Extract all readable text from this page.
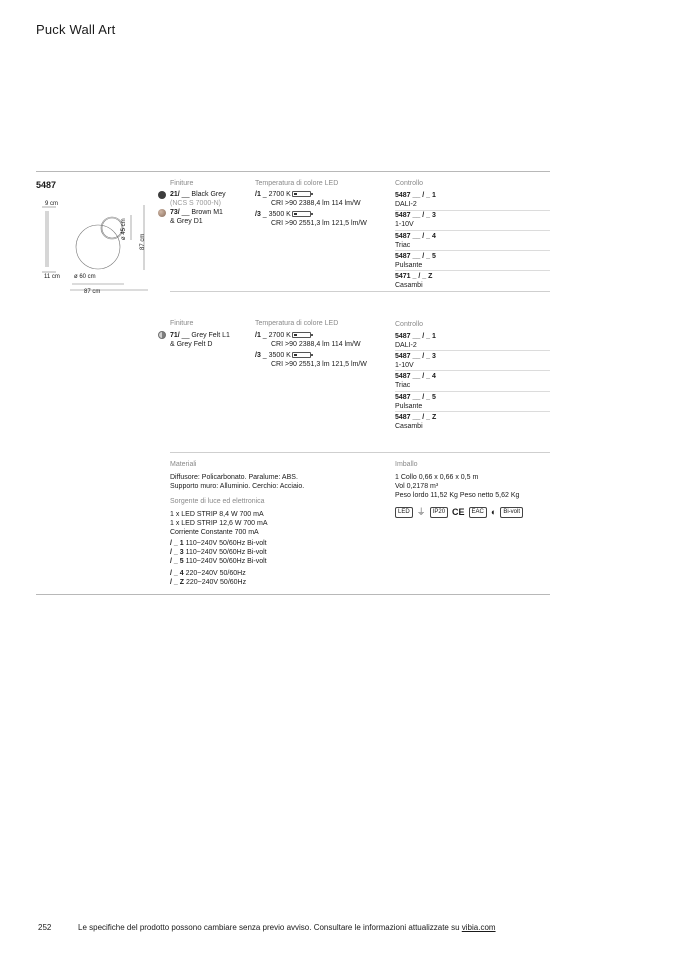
Puck Wall Art
5487
9 cm
ø 45 cm
87 cm
11 cm ø 60 cm
87 cm
Finiture
21/ __ Black Grey
(NCS S 7000-N)
73/ __ Brown M1
& Grey D1
Temperatura di colore LED
/1 _ 2700 K
CRI >90 2388,4 lm 114 lm/W
/3 _ 3500 K
CRI >90 2551,3 lm 121,5 lm/W
Controllo
5487 __ / _ 1
DALI-2
5487 __ / _ 3
1-10V
5487 __ / _ 4
Triac
5487 __ / _ 5
Pulsante
5471 _ / _ Z
Casambi
Finiture
71/ __ Grey Felt L1
& Grey Felt D
Temperatura di colore LED
/1 _ 2700 K
CRI >90 2388,4 lm 114 lm/W
/3 _ 3500 K
CRI >90 2551,3 lm 121,5 lm/W
Controllo
5487 __ / _ 1
DALI-2
5487 __ / _ 3
1-10V
5487 __ / _ 4
Triac
5487 __ / _ 5
Pulsante
5487 __ / _ Z
Casambi
Materiali
Diffusore: Policarbonato. Paralume: ABS.
Supporto muro: Alluminio. Cerchio: Acciaio.
Sorgente di luce ed elettronica
1 x LED STRIP 8,4 W 700 mA
1 x LED STRIP 12,6 W 700 mA
Corriente Constante 700 mA
/ _ 1 110~240V 50/60Hz Bi-volt
/ _ 3 110~240V 50/60Hz Bi-volt
/ _ 5 110~240V 50/60Hz Bi-volt
/ _ 4 220~240V 50/60Hz
/ _ Z 220~240V 50/60Hz
Imballo
1 Collo 0,66 x 0,66 x 0,5 m
Vol 0,2178 m³
Peso lordo 11,52 Kg Peso netto 5,62 Kg
LED ⏚	IP20 CE	EAC ◐	Bi-volt
252	Le specifiche del prodotto possono cambiare senza previo avviso. Consultare le informazioni attualizzate su vibia.com
